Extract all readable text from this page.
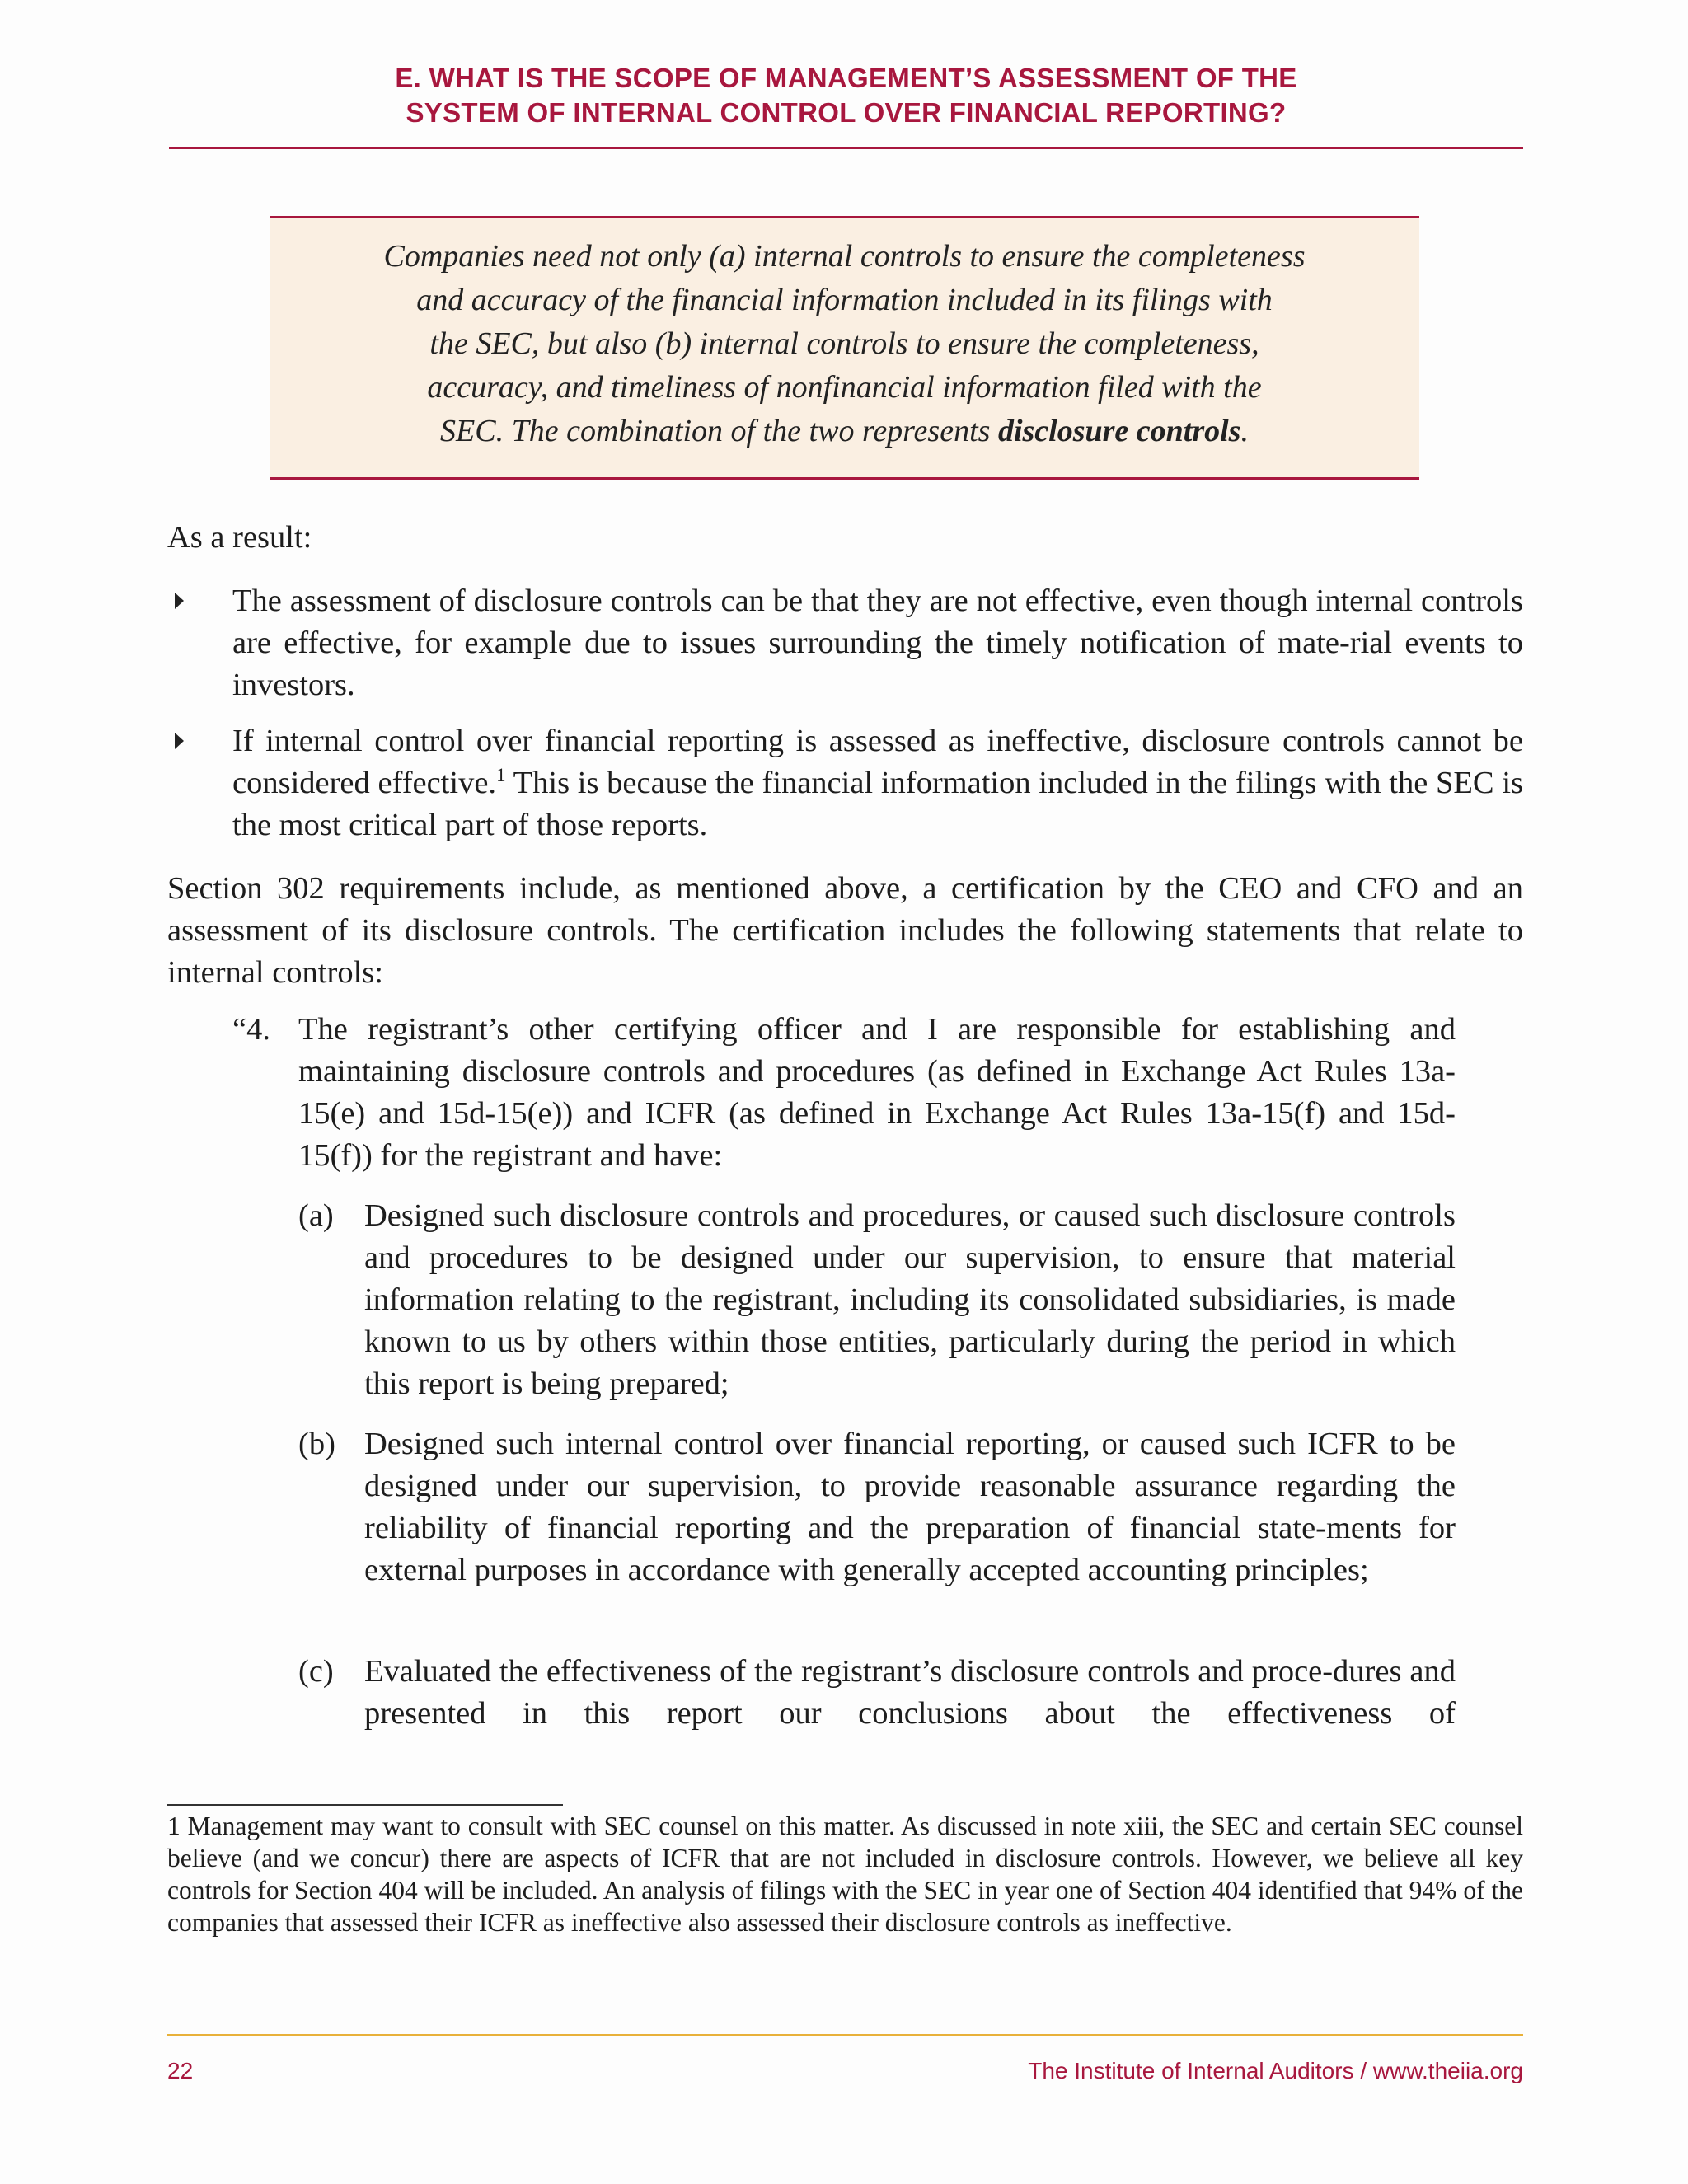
E. WHAT IS THE SCOPE OF MANAGEMENT’S ASSESSMENT OF THE
SYSTEM OF INTERNAL CONTROL OVER FINANCIAL REPORTING?
Companies need not only (a) internal controls to ensure the completeness
and accuracy of the financial information included in its filings with
the SEC, but also (b) internal controls to ensure the completeness,
accuracy, and timeliness of nonfinancial information filed with the
SEC. The combination of the two represents disclosure controls.
As a result:
The assessment of disclosure controls can be that they are not effective, even though internal controls are effective, for example due to issues surrounding the timely notification of mate-rial events to investors.
If internal control over financial reporting is assessed as ineffective, disclosure controls cannot be considered effective.$^1$ This is because the financial information included in the filings with the SEC is the most critical part of those reports.
Section 302 requirements include, as mentioned above, a certification by the CEO and CFO and an assessment of its disclosure controls. The certification includes the following statements that relate to internal controls:
“4. The registrant’s other certifying officer and I are responsible for establishing and maintaining disclosure controls and procedures (as defined in Exchange Act Rules 13a-15(e) and 15d-15(e)) and ICFR (as defined in Exchange Act Rules 13a-15(f) and 15d-15(f)) for the registrant and have:
(a) Designed such disclosure controls and procedures, or caused such disclosure controls and procedures to be designed under our supervision, to ensure that material information relating to the registrant, including its consolidated subsidiaries, is made known to us by others within those entities, particularly during the period in which this report is being prepared;
(b) Designed such internal control over financial reporting, or caused such ICFR to be designed under our supervision, to provide reasonable assurance regarding the reliability of financial reporting and the preparation of financial state-ments for external purposes in accordance with generally accepted accounting principles;
(c) Evaluated the effectiveness of the registrant’s disclosure controls and proce-dures and presented in this report our conclusions about the effectiveness of
1 Management may want to consult with SEC counsel on this matter. As discussed in note xiii, the SEC and certain SEC counsel believe (and we concur) there are aspects of ICFR that are not included in disclosure controls. However, we believe all key controls for Section 404 will be included. An analysis of filings with the SEC in year one of Section 404 identified that 94% of the companies that assessed their ICFR as ineffective also assessed their disclosure controls as ineffective.
22	The Institute of Internal Auditors / www.theiia.org
